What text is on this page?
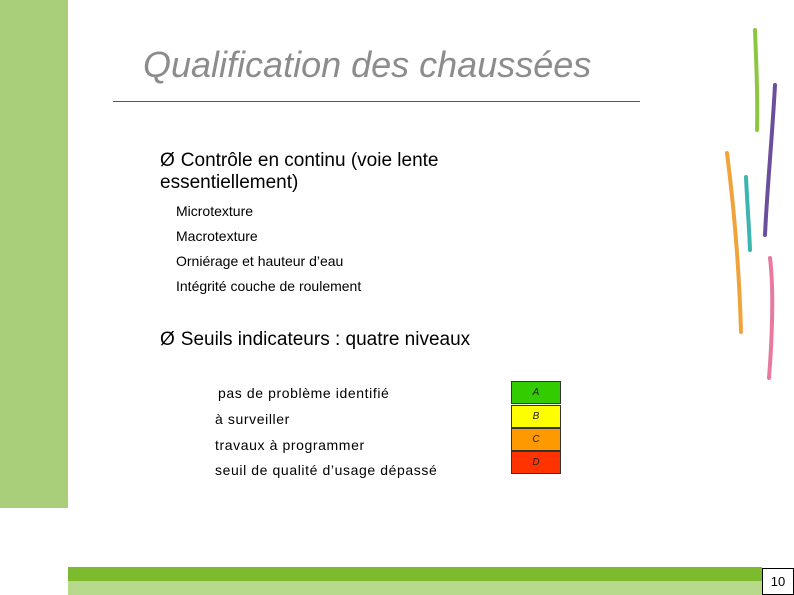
Qualification des chaussées

Ø Contrôle en continu (voie lente essentiellement)

Microtexture

Macrotexture

Orniérage et hauteur d’eau

Intégrité couche de roulement

Ø Seuils indicateurs : quatre niveaux

pas de problème identifié

à surveiller

travaux à programmer

seuil de qualité d’usage dépassé

A
B
C
D

10
